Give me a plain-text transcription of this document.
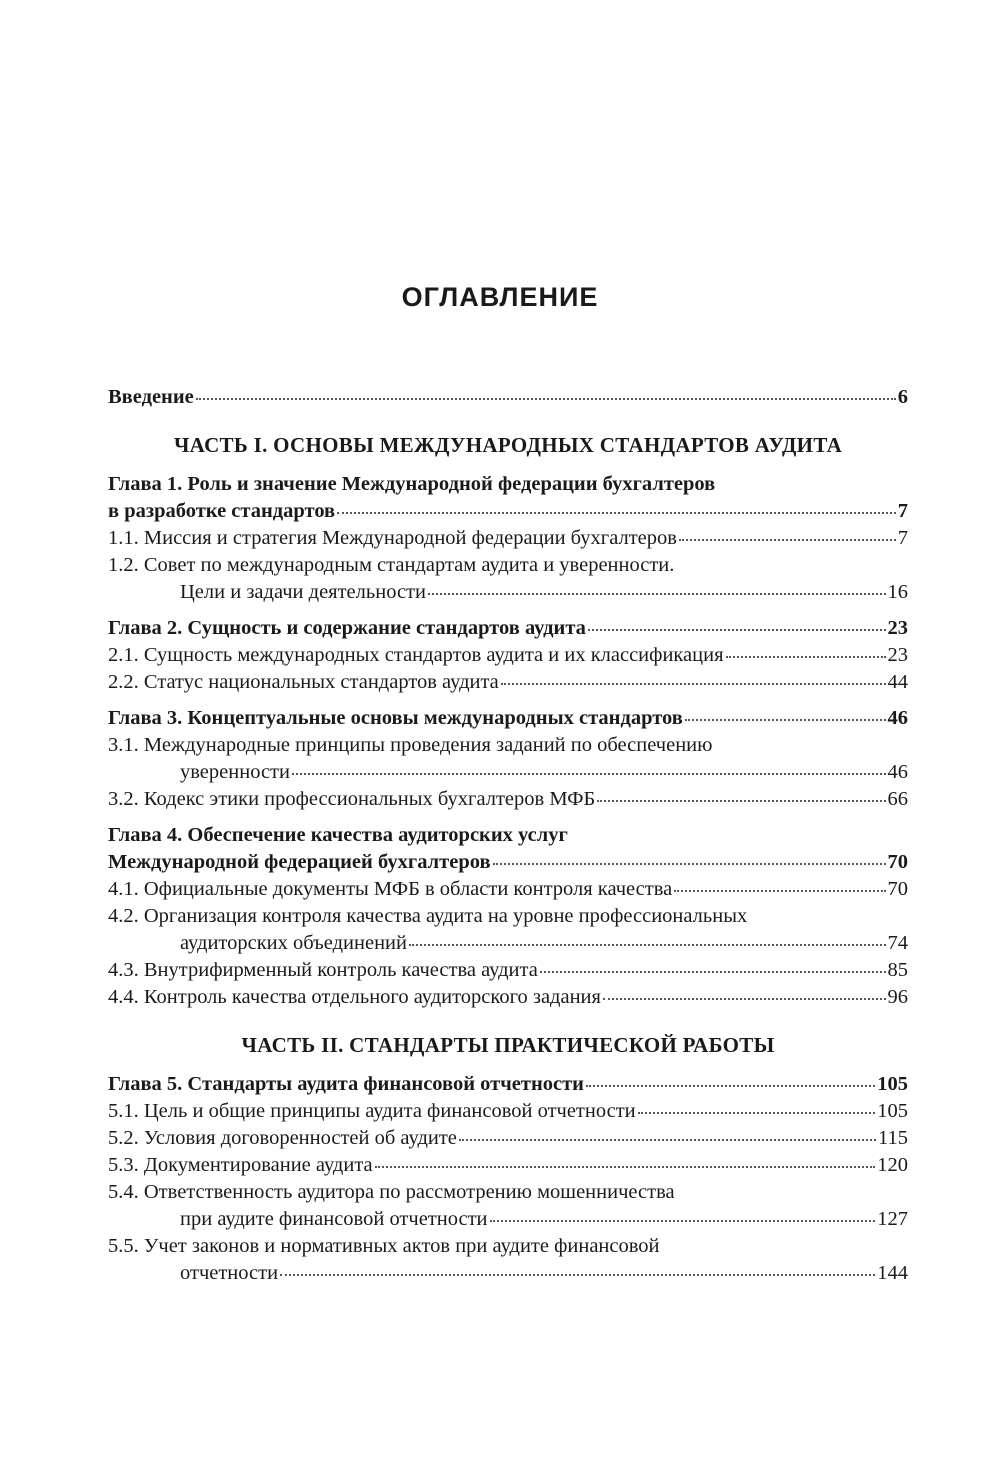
ОГЛАВЛЕНИЕ
Введение	6
ЧАСТЬ I. ОСНОВЫ МЕЖДУНАРОДНЫХ СТАНДАРТОВ АУДИТА
Глава 1. Роль и значение Международной федерации бухгалтеров
в разработке стандартов	7
1.1. Миссия и стратегия Международной федерации бухгалтеров	7
1.2. Совет по международным стандартам аудита и уверенности.
Цели и задачи деятельности	16
Глава 2. Сущность и содержание стандартов аудита	23
2.1. Сущность международных стандартов аудита и их классификация	23
2.2. Статус национальных стандартов аудита	44
Глава 3. Концептуальные основы международных стандартов	46
3.1. Международные принципы проведения заданий по обеспечению
уверенности	46
3.2. Кодекс этики профессиональных бухгалтеров МФБ	66
Глава 4. Обеспечение качества аудиторских услуг
Международной федерацией бухгалтеров	70
4.1. Официальные документы МФБ в области контроля качества	70
4.2. Организация контроля качества аудита на уровне профессиональных
аудиторских объединений	74
4.3. Внутрифирменный контроль качества аудита	85
4.4. Контроль качества отдельного аудиторского задания	96
ЧАСТЬ II. СТАНДАРТЫ ПРАКТИЧЕСКОЙ РАБОТЫ
Глава 5. Стандарты аудита финансовой отчетности	105
5.1. Цель и общие принципы аудита финансовой отчетности	105
5.2. Условия договоренностей об аудите	115
5.3. Документирование аудита	120
5.4. Ответственность аудитора по рассмотрению мошенничества
при аудите финансовой отчетности	127
5.5. Учет законов и нормативных актов при аудите финансовой
отчетности	144
